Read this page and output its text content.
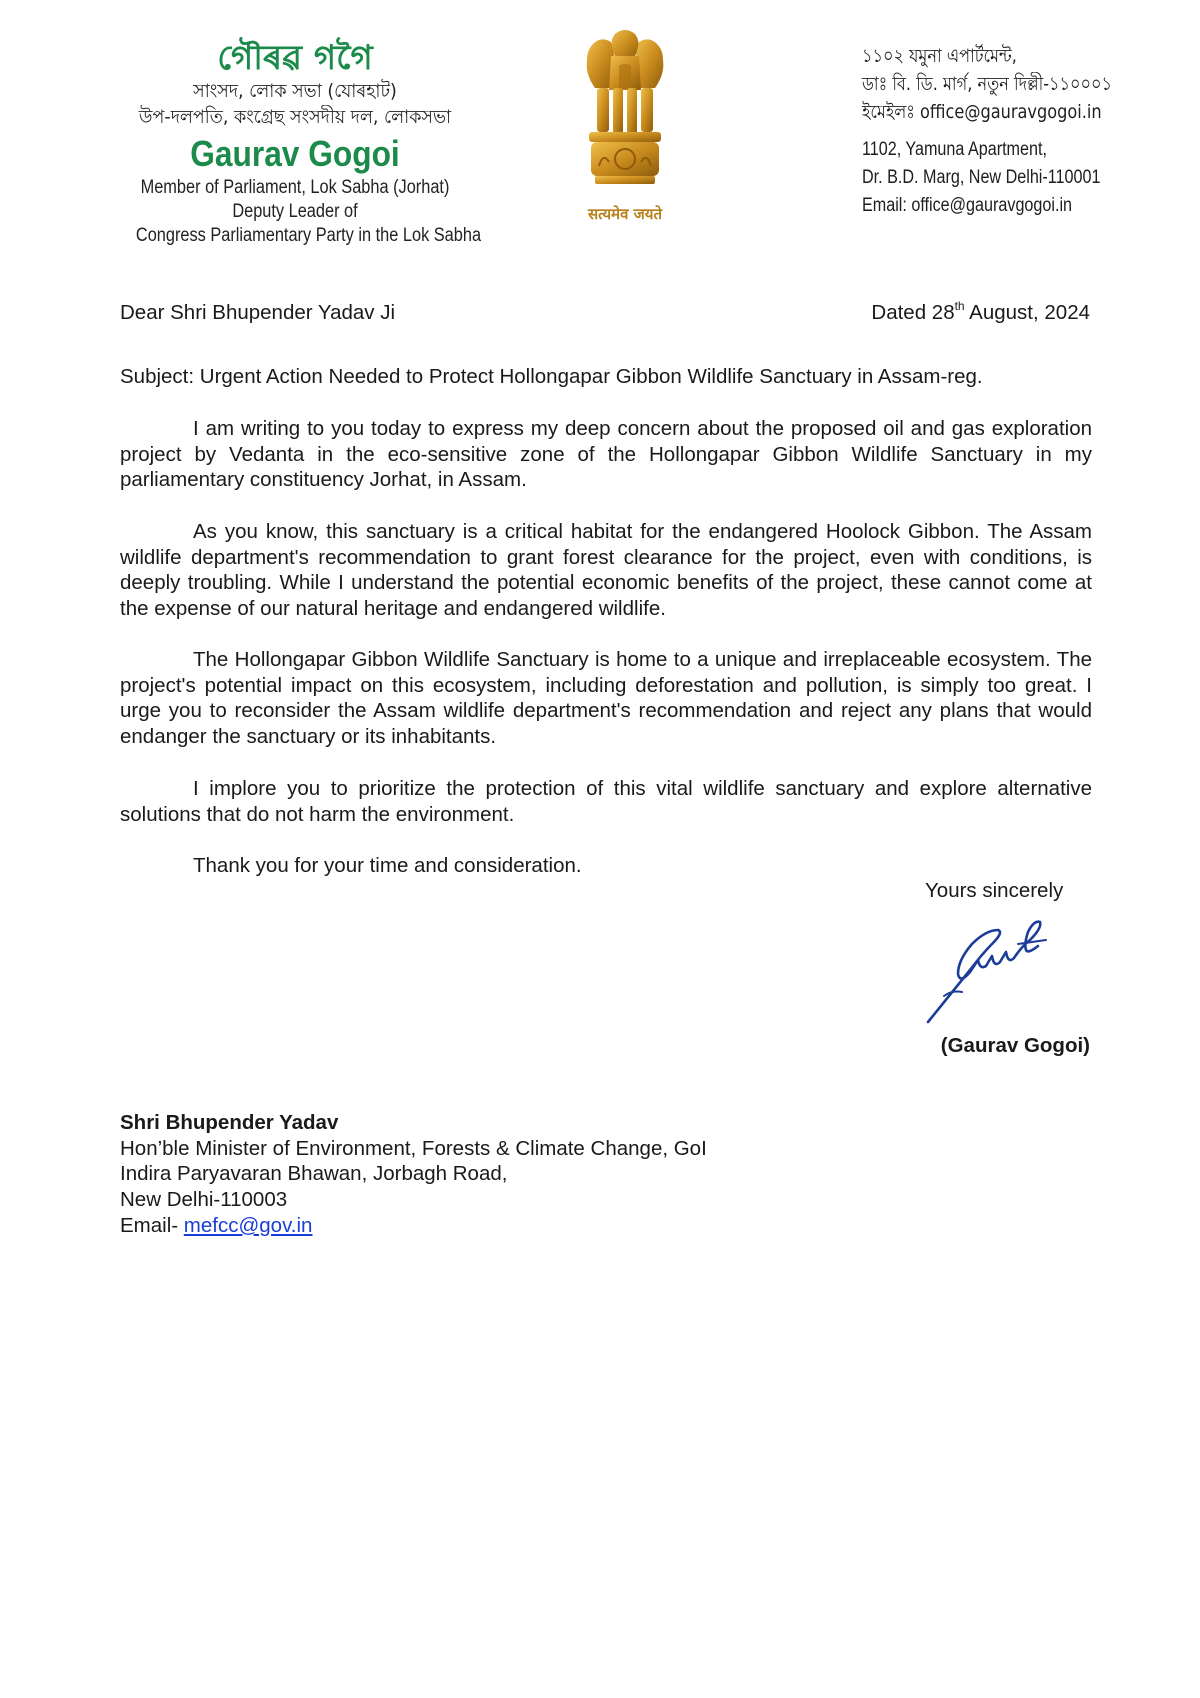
গৌৰৱ গগৈ
সাংসদ, লোক সভা (যোৰহাট)
উপ-দলপতি, কংগ্ৰেছ সংসদীয় দল, লোকসভা
Gaurav Gogoi
Member of Parliament, Lok Sabha (Jorhat)
Deputy Leader of
Congress Parliamentary Party in the Lok Sabha
सत्यमेव जयते
১১০২ যমুনা এপাৰ্টমেন্ট,
ডাঃ বি. ডি. মাৰ্গ, নতুন দিল্লী-১১০০০১
ইমেইলঃ office@gauravgogoi.in
1102, Yamuna Apartment,
Dr. B.D. Marg, New Delhi-110001
Email: office@gauravgogoi.in
Dear Shri Bhupender Yadav Ji	Dated 28th August, 2024
Subject: Urgent Action Needed to Protect Hollongapar Gibbon Wildlife Sanctuary in Assam-reg.
I am writing to you today to express my deep concern about the proposed oil and gas exploration project by Vedanta in the eco-sensitive zone of the Hollongapar Gibbon Wildlife Sanctuary in my parliamentary constituency Jorhat, in Assam.
As you know, this sanctuary is a critical habitat for the endangered Hoolock Gibbon. The Assam wildlife department's recommendation to grant forest clearance for the project, even with conditions, is deeply troubling. While I understand the potential economic benefits of the project, these cannot come at the expense of our natural heritage and endangered wildlife.
The Hollongapar Gibbon Wildlife Sanctuary is home to a unique and irreplaceable ecosystem. The project's potential impact on this ecosystem, including deforestation and pollution, is simply too great. I urge you to reconsider the Assam wildlife department's recommendation and reject any plans that would endanger the sanctuary or its inhabitants.
I implore you to prioritize the protection of this vital wildlife sanctuary and explore alternative solutions that do not harm the environment.
Thank you for your time and consideration.
Yours sincerely
(Gaurav Gogoi)
Shri Bhupender Yadav
Hon’ble Minister of Environment, Forests & Climate Change, GoI
Indira Paryavaran Bhawan, Jorbagh Road,
New Delhi-110003
Email- mefcc@gov.in
